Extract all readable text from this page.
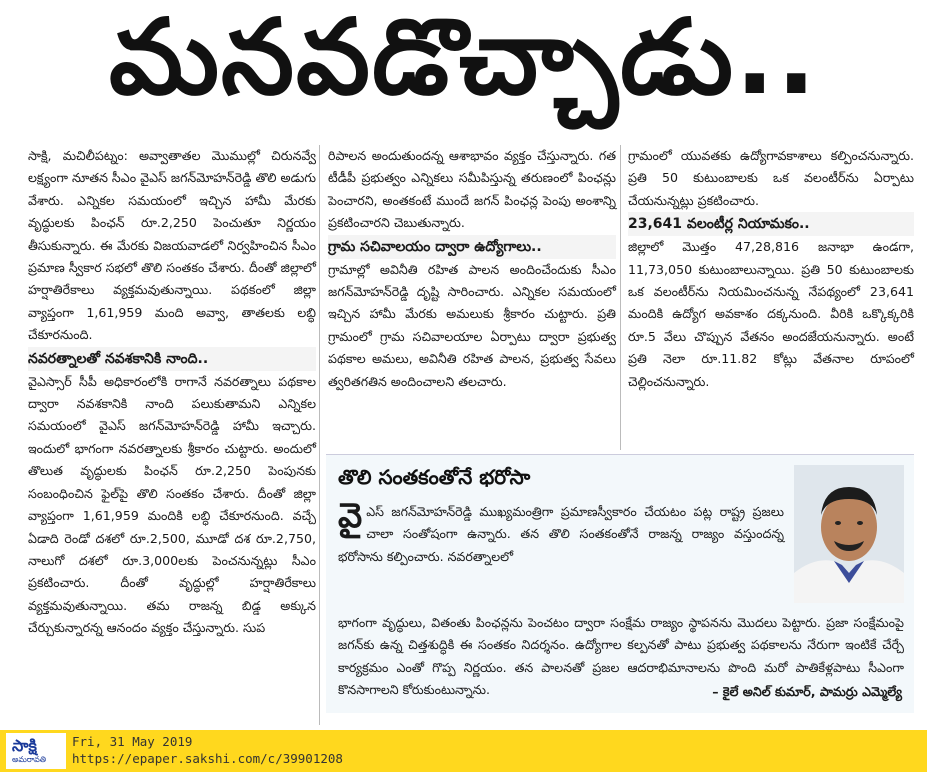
మనవడొచ్చాడు..

సాక్షి, మచిలీపట్నం: అవ్వాతాతల మొముల్లో చిరునవ్వే లక్ష్యంగా నూతన సీఎం వైఎస్ జగన్‌మోహన్‌రెడ్డి తొలి అడుగు వేశారు. ఎన్నికల సమయంలో ఇచ్చిన హామీ మేరకు వృద్ధులకు పింఛన్ రూ.2,250 పెంచుతూ నిర్ణయం తీసుకున్నారు. ఈ మేరకు విజయవాడలో నిర్వహించిన సీఎం ప్రమాణ స్వీకార సభలో తొలి సంతకం చేశారు. దీంతో జిల్లాలో హర్షాతిరేకాలు వ్యక్తమవుతున్నాయి. పథకంలో జిల్లా వ్యాప్తంగా 1,61,959 మంది అవ్వా, తాతలకు లబ్ధి చేకూరనుంది.

నవరత్నాలతో నవశకానికి నాంది..

వైఎస్సార్ సీపీ అధికారంలోకి రాగానే నవరత్నాలు పథకాల ద్వారా నవశకానికి నాంది పలుకుతామని ఎన్నికల సమయంలో వైఎస్ జగన్‌మోహన్‌రెడ్డి హామీ ఇచ్చారు. ఇందులో భాగంగా నవరత్నాలకు శ్రీకారం చుట్టారు. అందులో తొలుత వృద్ధులకు పింఛన్ రూ.2,250 పెంపునకు సంబంధించిన ఫైల్‌పై తొలి సంతకం చేశారు. దీంతో జిల్లా వ్యాప్తంగా 1,61,959 మందికి లబ్ధి చేకూరనుంది. వచ్చే ఏడాది రెండో దశలో రూ.2,500, మూడో దశ రూ.2,750, నాలుగో దశలో రూ.3,000లకు పెంచనున్నట్లు సీఎం ప్రకటించారు. దీంతో వృద్ధుల్లో హర్షాతిరేకాలు వ్యక్తమవుతున్నాయి. తమ రాజన్న బిడ్డ అక్కున చేర్చుకున్నారన్న ఆనందం వ్యక్తం చేస్తున్నారు. సుప

రిపాలన అందుతుందన్న ఆశాభావం వ్యక్తం చేస్తున్నారు. గత టీడీపీ ప్రభుత్వం ఎన్నికలు సమీపిస్తున్న తరుణంలో పింఛన్లు పెంచారని, అంతకంటే ముందే జగన్ పింఛన్ల పెంపు అంశాన్ని ప్రకటించారని చెబుతున్నారు.

గ్రామ సచివాలయం ద్వారా ఉద్యోగాలు..

గ్రామాల్లో అవినీతి రహిత పాలన అందించేందుకు సీఎం జగన్‌మోహన్‌రెడ్డి దృష్టి సారించారు. ఎన్నికల సమయంలో ఇచ్చిన హామీ మేరకు అమలుకు శ్రీకారం చుట్టారు. ప్రతి గ్రామంలో గ్రామ సచివాలయాల ఏర్పాటు ద్వారా ప్రభుత్వ పథకాల అమలు, అవినీతి రహిత పాలన, ప్రభుత్వ సేవలు త్వరితగతిన అందించాలని తలచారు.

గ్రామంలో యువతకు ఉద్యోగావకాశాలు కల్పించనున్నారు. ప్రతి 50 కుటుంబాలకు ఒక వలంటీర్‌ను ఏర్పాటు చేయనున్నట్లు ప్రకటించారు.

23,641 వలంటీర్ల నియామకం..

జిల్లాలో మొత్తం 47,28,816 జనాభా ఉండగా, 11,73,050 కుటుంబాలున్నాయి. ప్రతి 50 కుటుంబాలకు ఒక వలంటీర్‌ను నియమించనున్న నేపథ్యంలో 23,641 మందికి ఉద్యోగ అవకాశం దక్కనుంది. వీరికి ఒక్కొక్కరికి రూ.5 వేలు చొప్పున వేతనం అందజేయనున్నారు. అంటే ప్రతి నెలా రూ.11.82 కోట్లు వేతనాల రూపంలో చెల్లించనున్నారు.

తొలి సంతకంతోనే భరోసా
వైఎస్ జగన్‌మోహన్‌రెడ్డి ముఖ్యమంత్రిగా ప్రమాణస్వీకారం చేయటం పట్ల రాష్ట్ర ప్రజలు చాలా సంతోషంగా ఉన్నారు. తన తొలి సంతకంతోనే రాజన్న రాజ్యం వస్తుందన్న భరోసాను కల్పించారు. నవరత్నాలలో
భాగంగా వృద్ధులు, వితంతు పింఛన్లను పెంచటం ద్వారా సంక్షేమ రాజ్యం స్థాపనను మొదలు పెట్టారు. ప్రజా సంక్షేమంపై జగన్‌కు ఉన్న చిత్తశుద్ధికి ఈ సంతకం నిదర్శనం. ఉద్యోగాల కల్పనతో పాటు ప్రభుత్వ పథకాలను నేరుగా ఇంటికే చేర్చే కార్యక్రమం ఎంతో గొప్ప నిర్ణయం. తన పాలనతో ప్రజల ఆదరాభిమానాలను పొంది మరో పాతికేళ్లపాటు సీఎంగా కొనసాగాలని కోరుకుంటున్నాను.	– కైలే అనిల్ కుమార్, పామర్రు ఎమ్మెల్యే
సాక్షి
అమరావతి
Fri, 31 May 2019
https://epaper.sakshi.com/c/39901208
